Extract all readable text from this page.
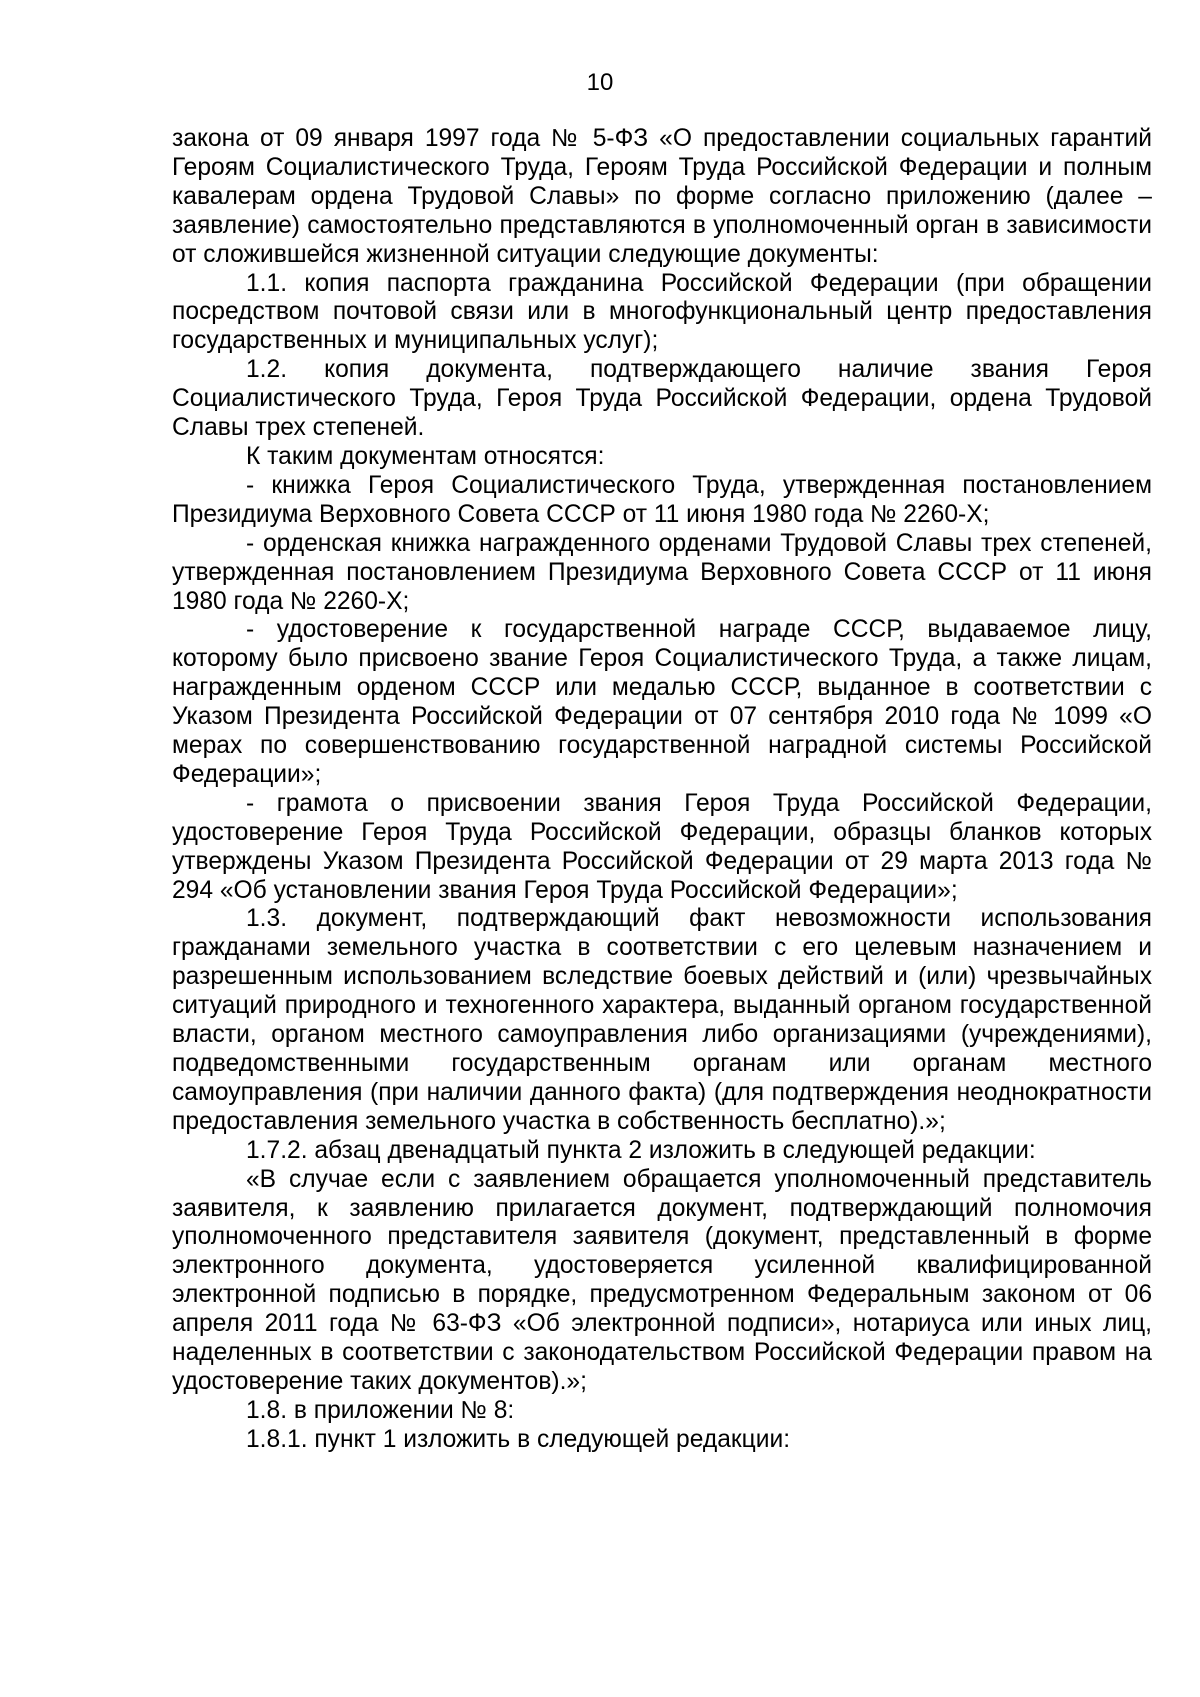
10

закона от 09 января 1997 года № 5-ФЗ «О предоставлении социальных гарантий Героям Социалистического Труда, Героям Труда Российской Федерации и полным кавалерам ордена Трудовой Славы» по форме согласно приложению (далее – заявление) самостоятельно представляются в уполномоченный орган в зависимости от сложившейся жизненной ситуации следующие документы:

1.1. копия паспорта гражданина Российской Федерации (при обращении посредством почтовой связи или в многофункциональный центр предоставления государственных и муниципальных услуг);

1.2. копия документа, подтверждающего наличие звания Героя Социалистического Труда, Героя Труда Российской Федерации, ордена Трудовой Славы трех степеней.

К таким документам относятся:

- книжка Героя Социалистического Труда, утвержденная постановлением Президиума Верховного Совета СССР от 11 июня 1980 года № 2260-Х;

- орденская книжка награжденного орденами Трудовой Славы трех степеней, утвержденная постановлением Президиума Верховного Совета СССР от 11 июня 1980 года № 2260-Х;

- удостоверение к государственной награде СССР, выдаваемое лицу, которому было присвоено звание Героя Социалистического Труда, а также лицам, награжденным орденом СССР или медалью СССР, выданное в соответствии с Указом Президента Российской Федерации от 07 сентября 2010 года № 1099 «О мерах по совершенствованию государственной наградной системы Российской Федерации»;

- грамота о присвоении звания Героя Труда Российской Федерации, удостоверение Героя Труда Российской Федерации, образцы бланков которых утверждены Указом Президента Российской Федерации от 29 марта 2013 года № 294 «Об установлении звания Героя Труда Российской Федерации»;

1.3. документ, подтверждающий факт невозможности использования гражданами земельного участка в соответствии с его целевым назначением и разрешенным использованием вследствие боевых действий и (или) чрезвычайных ситуаций природного и техногенного характера, выданный органом государственной власти, органом местного самоуправления либо организациями (учреждениями), подведомственными государственным органам или органам местного самоуправления (при наличии данного факта) (для подтверждения неоднократности предоставления земельного участка в собственность бесплатно).»;

1.7.2. абзац двенадцатый пункта 2 изложить в следующей редакции:

«В случае если с заявлением обращается уполномоченный представитель заявителя, к заявлению прилагается документ, подтверждающий полномочия уполномоченного представителя заявителя (документ, представленный в форме электронного документа, удостоверяется усиленной квалифицированной электронной подписью в порядке, предусмотренном Федеральным законом от 06 апреля 2011 года № 63-ФЗ «Об электронной подписи», нотариуса или иных лиц, наделенных в соответствии с законодательством Российской Федерации правом на удостоверение таких документов).»;

1.8. в приложении № 8:

1.8.1. пункт 1 изложить в следующей редакции:
